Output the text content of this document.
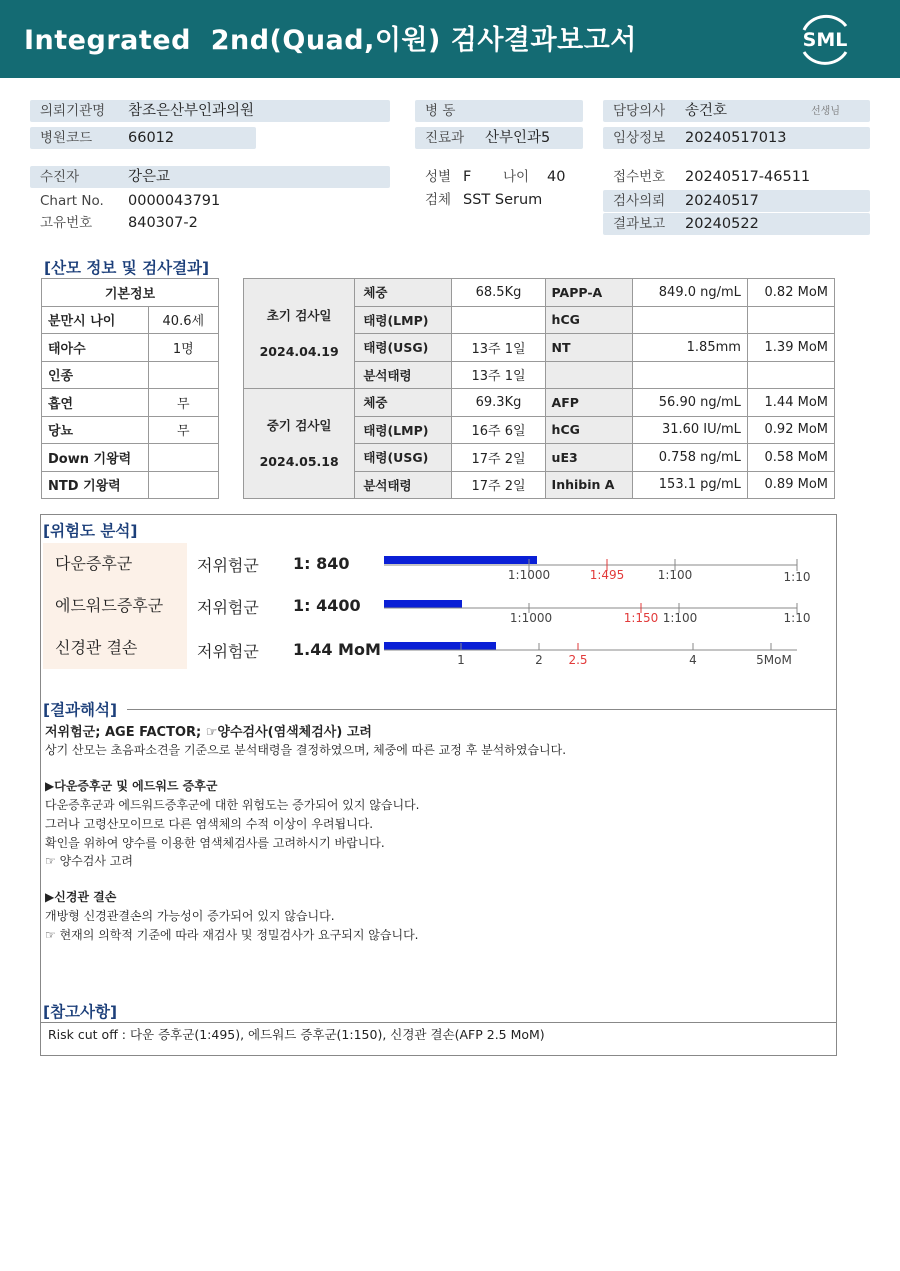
Integrated  2nd(Quad,이원) 검사결과보고서	SML
의뢰기관명 참조은산부인과의원	병 동	담당의사 송건호	선생님
병원코드 66012	진료과 산부인과5	임상정보 20240517013
수진자	강은교	성별 F 나이 40	접수번호 20240517-46511
Chart No. 0000043791	검체 SST Serum	검사의뢰 20240517
고유번호 840307-2	결과보고 20240522
[산모 정보 및 검사결과]
기본정보	
분만시 나이	40.6세
태아수	1명
인종	
흡연	무
당뇨	무
Down 기왕력	
NTD 기왕력	
초기 검사일
2024.04.19	체중	68.5Kg	PAPP-A	849.0 ng/mL	0.82 MoM
	태령(LMP)		hCG		
	태령(USG)	13주 1일	NT	1.85mm	1.39 MoM
	분석태령	13주 1일			

중기 검사일
2024.05.18	체중	69.3Kg	AFP	56.90 ng/mL	1.44 MoM
	태령(LMP)	16주 6일	hCG	31.60 IU/mL	0.92 MoM
	태령(USG)	17주 2일	uE3	0.758 ng/mL	0.58 MoM
	분석태령	17주 2일	Inhibin A	153.1 pg/mL	0.89 MoM
[위험도 분석]
다운증후군	저위험군 1: 840
에드워드증후군	저위험군 1: 4400
신경관 결손	저위험군 1.44 MoM
1:1000	1:495	1:100	1:10
1:1000	1:150 1:100	1:10
1	2 2.5	4	5MoM
[결과해석]
저위험군; AGE FACTOR; ☞양수검사(염색체검사) 고려
상기 산모는 초음파소견을 기준으로 분석태령을 결정하였으며, 체중에 따른 교정 후 분석하였습니다.
▶다운증후군 및 에드워드 증후군
다운증후군과 에드워드증후군에 대한 위험도는 증가되어 있지 않습니다.
그러나 고령산모이므로 다른 염색체의 수적 이상이 우려됩니다.
확인을 위하여 양수를 이용한 염색체검사를 고려하시기 바랍니다.
☞ 양수검사 고려
▶신경관 결손
개방형 신경관결손의 가능성이 증가되어 있지 않습니다.
☞ 현재의 의학적 기준에 따라 재검사 및 정밀검사가 요구되지 않습니다.
[참고사항]
Risk cut off : 다운 증후군(1:495), 에드워드 증후군(1:150), 신경관 결손(AFP 2.5 MoM)
